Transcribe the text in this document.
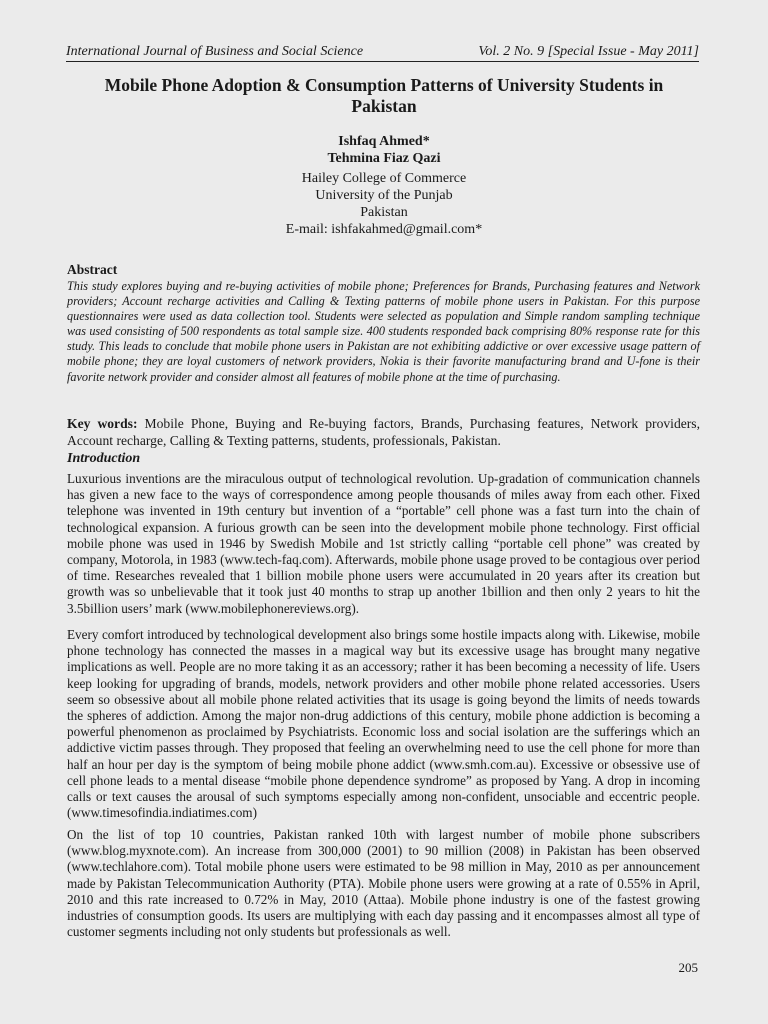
International Journal of Business and Social Science	Vol. 2 No. 9 [Special Issue - May 2011]
Mobile Phone Adoption & Consumption Patterns of University Students in Pakistan
Ishfaq Ahmed*
Tehmina Fiaz Qazi
Hailey College of Commerce
University of the Punjab
Pakistan
E-mail: ishfakahmed@gmail.com*
Abstract
This study explores buying and re-buying activities of mobile phone; Preferences for Brands, Purchasing features and Network providers; Account recharge activities and Calling & Texting patterns of mobile phone users in Pakistan. For this purpose questionnaires were used as data collection tool. Students were selected as population and Simple random sampling technique was used consisting of 500 respondents as total sample size. 400 students responded back comprising 80% response rate for this study. This leads to conclude that mobile phone users in Pakistan are not exhibiting addictive or over excessive usage pattern of mobile phone; they are loyal customers of network providers, Nokia is their favorite manufacturing brand and U-fone is their favorite network provider and consider almost all features of mobile phone at the time of purchasing.
Key words: Mobile Phone, Buying and Re-buying factors, Brands, Purchasing features, Network providers, Account recharge, Calling & Texting patterns, students, professionals, Pakistan.
Introduction
Luxurious inventions are the miraculous output of technological revolution. Up-gradation of communication channels has given a new face to the ways of correspondence among people thousands of miles away from each other. Fixed telephone was invented in 19th century but invention of a “portable” cell phone was a fast turn into the chain of technological expansion. A furious growth can be seen into the development mobile phone technology. First official mobile phone was used in 1946 by Swedish Mobile and 1st strictly calling “portable cell phone” was created by company, Motorola, in 1983 (www.tech-faq.com). Afterwards, mobile phone usage proved to be contagious over period of time. Researches revealed that 1 billion mobile phone users were accumulated in 20 years after its creation but growth was so unbelievable that it took just 40 months to strap up another 1billion and then only 2 years to hit the 3.5billion users’ mark (www.mobilephonereviews.org).
Every comfort introduced by technological development also brings some hostile impacts along with. Likewise, mobile phone technology has connected the masses in a magical way but its excessive usage has brought many negative implications as well. People are no more taking it as an accessory; rather it has been becoming a necessity of life. Users keep looking for upgrading of brands, models, network providers and other mobile phone related accessories. Users seem so obsessive about all mobile phone related activities that its usage is going beyond the limits of needs towards the spheres of addiction. Among the major non-drug addictions of this century, mobile phone addiction is becoming a powerful phenomenon as proclaimed by Psychiatrists. Economic loss and social isolation are the sufferings which an addictive victim passes through. They proposed that feeling an overwhelming need to use the cell phone for more than half an hour per day is the symptom of being mobile phone addict (www.smh.com.au). Excessive or obsessive use of cell phone leads to a mental disease “mobile phone dependence syndrome” as proposed by Yang. A drop in incoming calls or text causes the arousal of such symptoms especially among non-confident, unsociable and eccentric people. (www.timesofindia.indiatimes.com)
On the list of top 10 countries, Pakistan ranked 10th with largest number of mobile phone subscribers (www.blog.myxnote.com). An increase from 300,000 (2001) to 90 million (2008) in Pakistan has been observed (www.techlahore.com). Total mobile phone users were estimated to be 98 million in May, 2010 as per announcement made by Pakistan Telecommunication Authority (PTA). Mobile phone users were growing at a rate of 0.55% in April, 2010 and this rate increased to 0.72% in May, 2010 (Attaa). Mobile phone industry is one of the fastest growing industries of consumption goods. Its users are multiplying with each day passing and it encompasses almost all type of customer segments including not only students but professionals as well.
205
